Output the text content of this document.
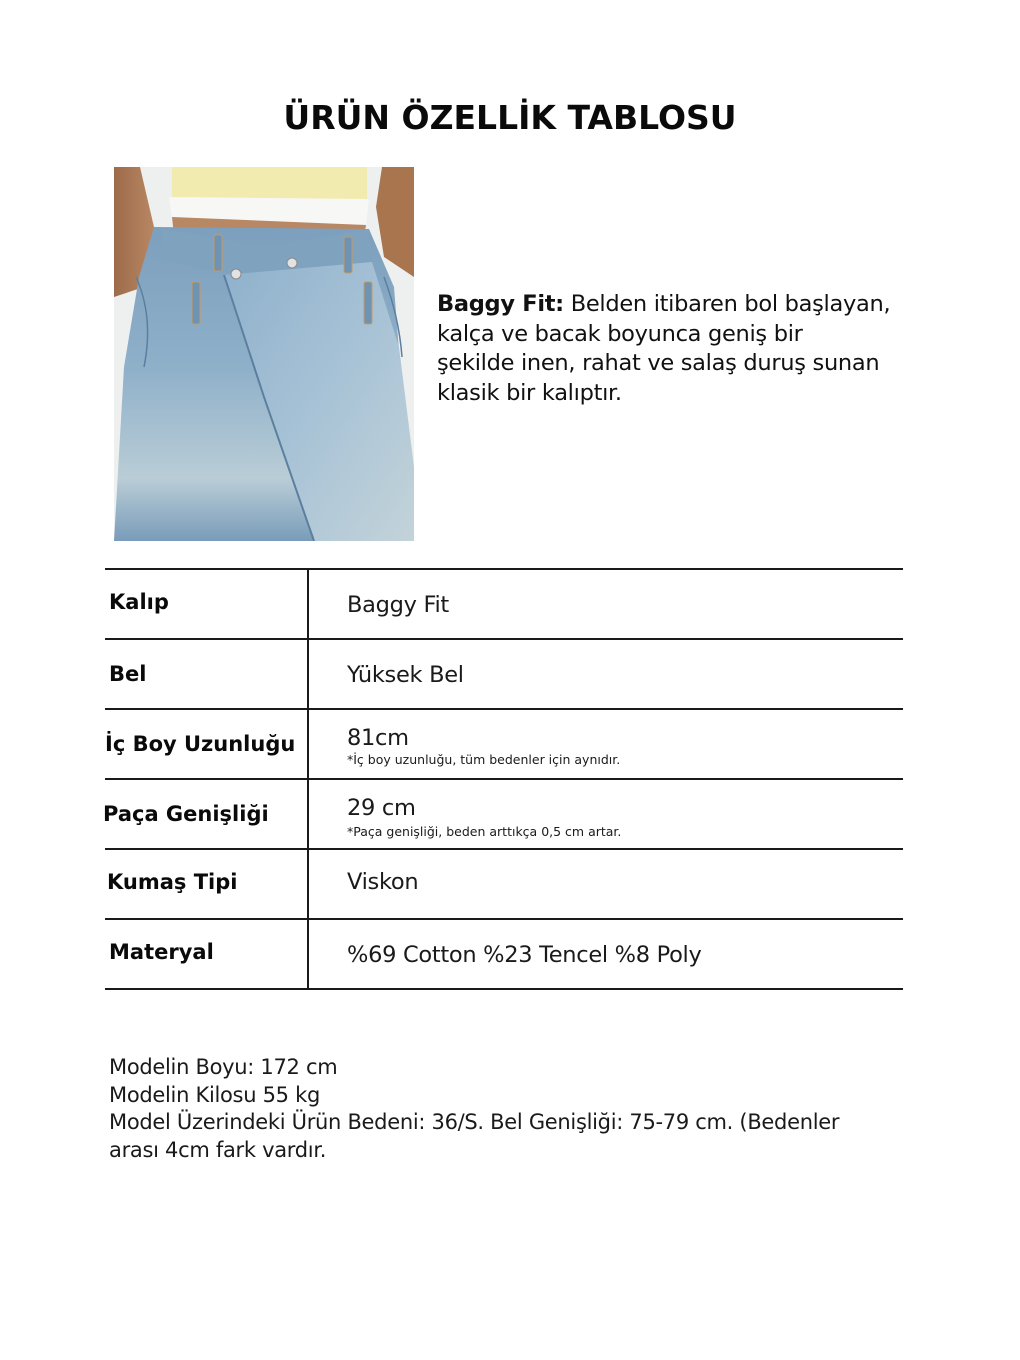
ÜRÜN ÖZELLİK TABLOSU
Baggy Fit: Belden itibaren bol başlayan,
kalça ve bacak boyunca geniş bir
şekilde inen, rahat ve salaş duruş sunan
klasik bir kalıptır.
Kalıp	Baggy Fit
Bel	Yüksek Bel
İç Boy Uzunluğu 81cm
*İç boy uzunluğu, tüm bedenler için aynıdır.
Paça Genişliği	29 cm
*Paça genişliği, beden arttıkça 0,5 cm artar.
Kumaş Tipi	Viskon
Materyal	%69 Cotton %23 Tencel %8 Poly
Modelin Boyu: 172 cm
Modelin Kilosu 55 kg
Model Üzerindeki Ürün Bedeni: 36/S. Bel Genişliği: 75-79 cm. (Bedenler
arası 4cm fark vardır.
